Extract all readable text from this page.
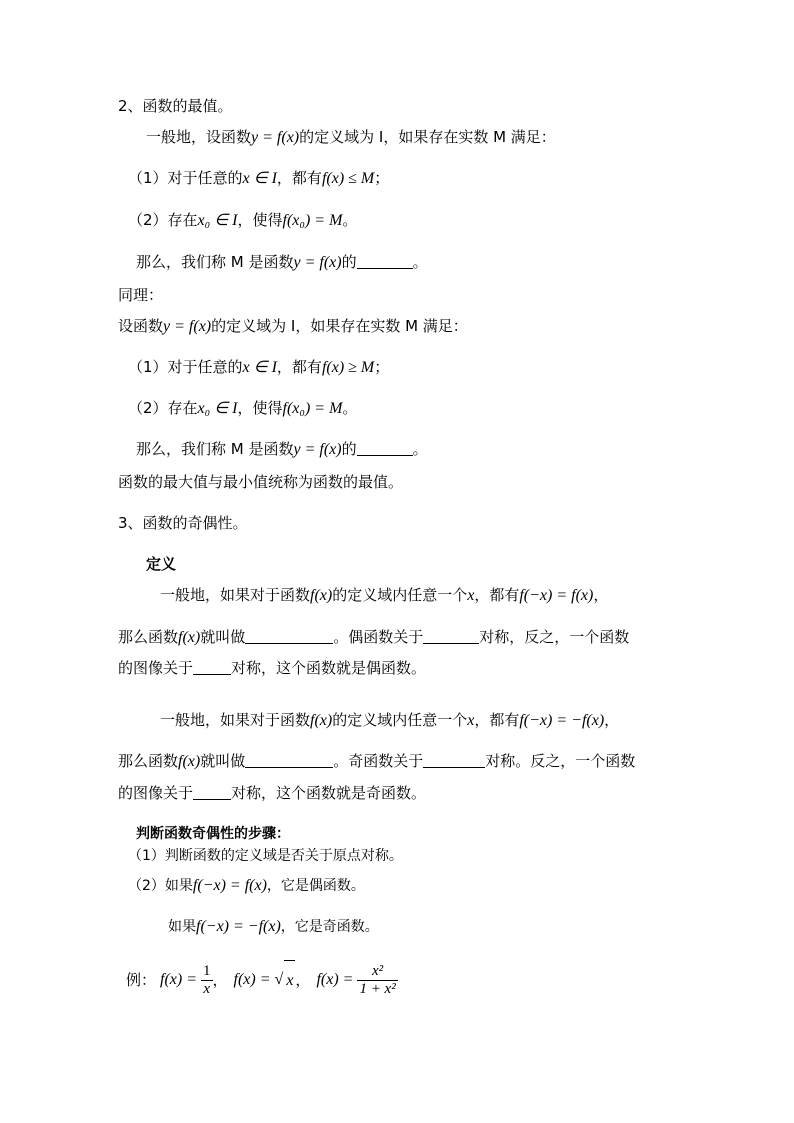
2、函数的最值。
一般地，设函数y = f(x)的定义域为 I，如果存在实数 M 满足：
（1）对于任意的x ∈ I，都有f(x) ≤ M；
（2）存在x₀ ∈ I，使得f(x₀) = M。
那么，我们称 M 是函数y = f(x)的	。
同理：
设函数y = f(x)的定义域为 I，如果存在实数 M 满足：
（1）对于任意的x ∈ I，都有f(x) ≥ M；
（2）存在x₀ ∈ I，使得f(x₀) = M。
那么，我们称 M 是函数y = f(x)的	。
函数的最大值与最小值统称为函数的最值。
3、函数的奇偶性。
定义
一般地，如果对于函数f(x)的定义域内任意一个x，都有f(−x) = f(x)，
那么函数f(x)就叫做	。偶函数关于	对称，反之，一个函数
的图像关于	对称，这个函数就是偶函数。
一般地，如果对于函数f(x)的定义域内任意一个x，都有f(−x) = −f(x)，
那么函数f(x)就叫做	。奇函数关于	对称。反之，一个函数
的图像关于	对称，这个函数就是奇函数。
判断函数奇偶性的步骤：
（1）判断函数的定义域是否关于原点对称。
（2）如果f(−x) = f(x)，它是偶函数。
如果f(−x) = −f(x)，它是奇函数。
例： $f(x) = \frac{1}{x}$ ， f(x) = √ x ， $f(x) = \frac{\text{x²}}{\text{1 + x²}}$
